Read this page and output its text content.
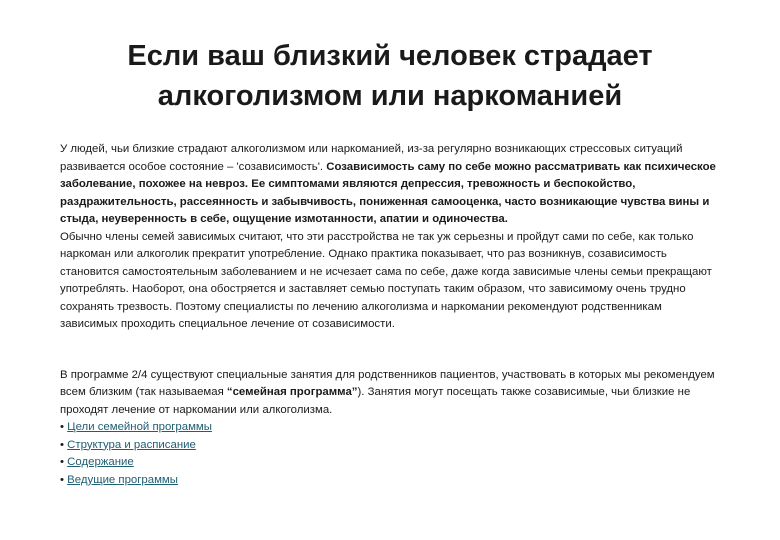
Если ваш близкий человек страдает
алкоголизмом или наркоманией

У людей, чьи близкие страдают алкоголизмом или наркоманией, из-за регулярно возникающих стрессовых ситуаций развивается особое состояние – 'созависимость'. Созависимость саму по себе можно рассматривать как психическое заболевание, похожее на невроз. Ее симптомами являются депрессия, тревожность и беспокойство, раздражительность, рассеянность и забывчивость, пониженная самооценка, часто возникающие чувства вины и стыда, неуверенность в себе, ощущение измотанности, апатии и одиночества.

Обычно члены семей зависимых считают, что эти расстройства не так уж серьезны и пройдут сами по себе, как только наркоман или алкоголик прекратит употребление. Однако практика показывает, что раз возникнув, созависимость становится самостоятельным заболеванием и не исчезает сама по себе, даже когда зависимые члены семьи прекращают употреблять. Наоборот, она обостряется и заставляет семью поступать таким образом, что зависимому очень трудно сохранять трезвость. Поэтому специалисты по лечению алкоголизма и наркомании рекомендуют родственникам зависимых проходить специальное лечение от созависимости.

В программе 2/4 существуют специальные занятия для родственников пациентов, участвовать в которых мы рекомендуем всем близким (так называемая “семейная программа”). Занятия могут посещать также созависимые, чьи близкие не проходят лечение от наркомании или алкоголизма.

• Цели семейной программы
• Структура и расписание
• Содержание
• Ведущие программы
